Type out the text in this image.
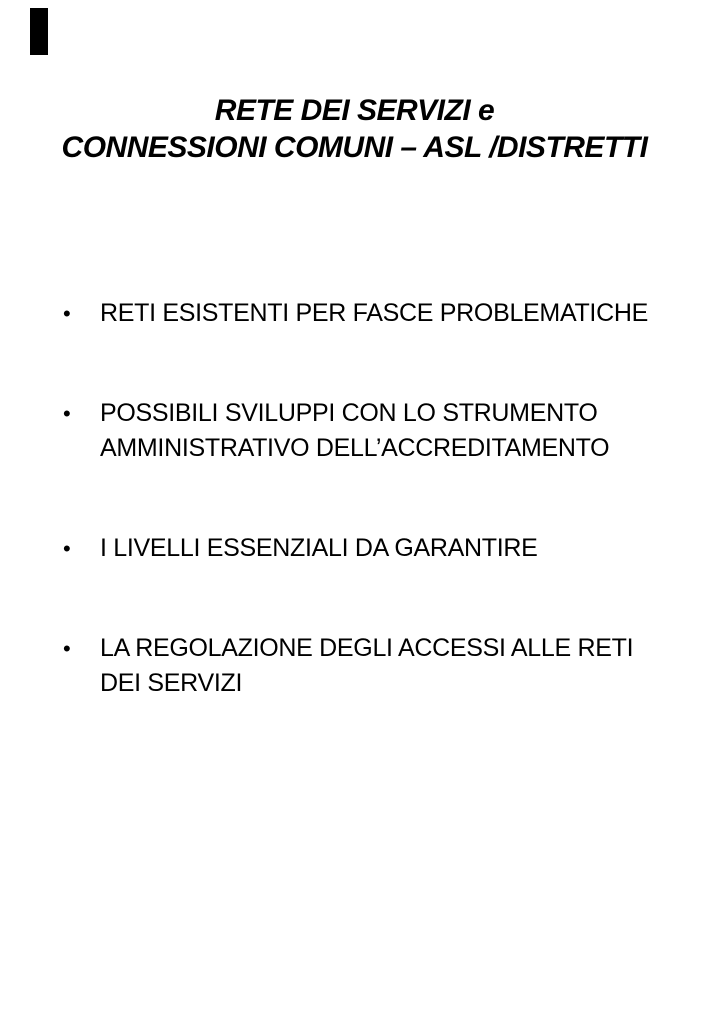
RETE DEI SERVIZI e
CONNESSIONI COMUNI – ASL /DISTRETTI
•	RETI ESISTENTI PER FASCE PROBLEMATICHE
•	POSSIBILI SVILUPPI CON LO STRUMENTO AMMINISTRATIVO DELL’ACCREDITAMENTO
•	I LIVELLI ESSENZIALI DA GARANTIRE
•	LA REGOLAZIONE DEGLI ACCESSI ALLE RETI DEI SERVIZI
